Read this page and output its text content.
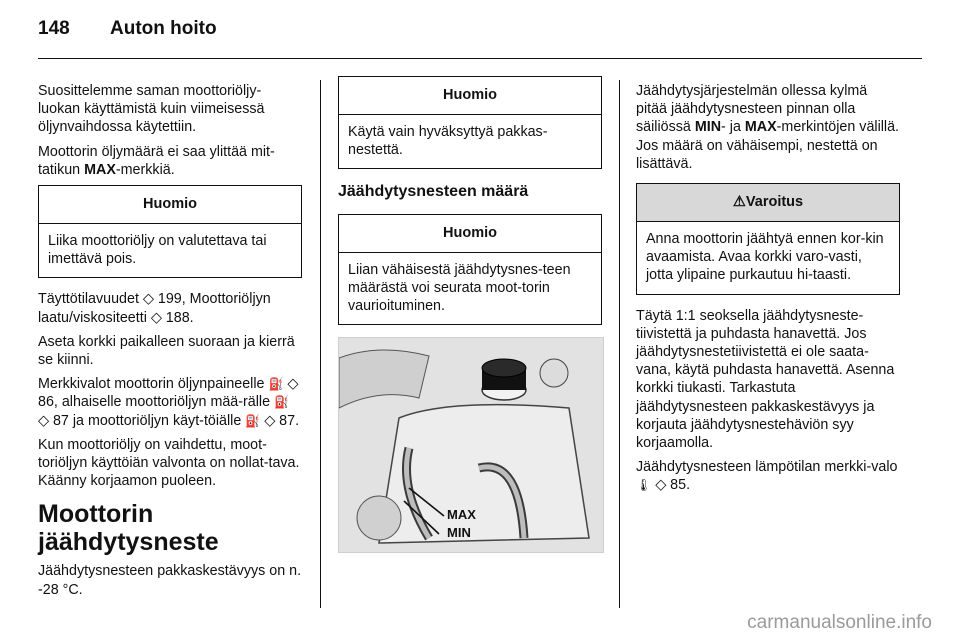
148 Auton hoito

Suosittelemme saman moottoriöljy-luokan käyttämistä kuin viimeisessä öljynvaihdossa käytettiin.

Moottorin öljymäärä ei saa ylittää mit-tatikun MAX-merkkiä.

Huomio
Liika moottoriöljy on valutettava tai imettävä pois.

Täyttötilavuudet ◇ 199, Moottoriöljyn laatu/viskositeetti ◇ 188.

Aseta korkki paikalleen suoraan ja kierrä se kiinni.

Merkkivalot moottorin öljynpaineelle ⛽ ◇ 86, alhaiselle moottoriöljyn mää-rälle ⛽ ◇ 87 ja moottoriöljyn käyt-töiälle ⛽ ◇ 87.

Kun moottoriöljy on vaihdettu, moot-toriöljyn käyttöiän valvonta on nollat-tava. Käänny korjaamon puoleen.

Moottorin jäähdytysneste

Jäähdytysnesteen pakkaskestävyys on n. -28 °C.

Huomio
Käytä vain hyväksyttyä pakkas-nestettä.
Jäähdytysnesteen määrä
Huomio
Liian vähäisestä jäähdytysnes-teen määrästä voi seurata moot-torin vaurioituminen.
MAX
MIN

Jäähdytysjärjestelmän ollessa kylmä pitää jäähdytysnesteen pinnan olla säiliössä MIN- ja MAX-merkintöjen välillä. Jos määrä on vähäisempi, nestettä on lisättävä.

⚠Varoitus
Anna moottorin jäähtyä ennen kor-kin avaamista. Avaa korkki varo-vasti, jotta ylipaine purkautuu hi-taasti.

Täytä 1:1 seoksella jäähdytysneste-tiivistettä ja puhdasta hanavettä. Jos jäähdytysnestetiivistettä ei ole saata-vana, käytä puhdasta hanavettä. Asenna korkki tiukasti. Tarkastuta jäähdytysnesteen pakkaskestävyys ja korjauta jäähdytysnestehäviön syy korjaamolla.

Jäähdytysnesteen lämpötilan merkki-valo 🌡 ◇ 85.

carmanualsonline.info
